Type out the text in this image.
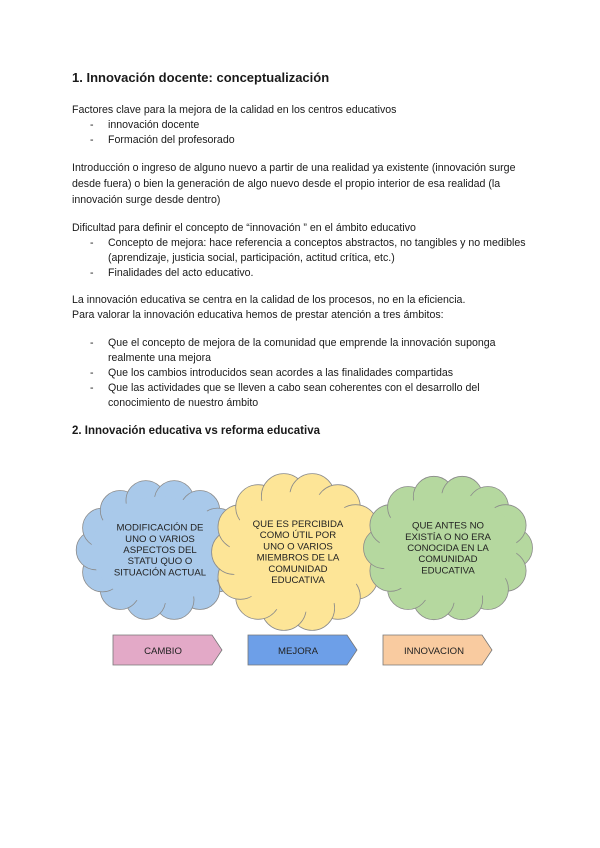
1. Innovación docente: conceptualización
Factores clave para la mejora de la calidad en los centros educativos
- innovación docente
- Formación del profesorado
Introducción o ingreso de alguno nuevo a partir de una realidad ya existente (innovación surge desde fuera) o bien la generación de algo nuevo desde el propio interior de esa realidad (la innovación surge desde dentro)
Dificultad para definir el concepto de “innovación ” en el ámbito educativo
- Concepto de mejora: hace referencia a conceptos abstractos, no tangibles y no medibles (aprendizaje, justicia social, participación, actitud crítica, etc.)
- Finalidades del acto educativo.
La innovación educativa se centra en la calidad de los procesos, no en la eficiencia.
Para valorar la innovación educativa hemos de prestar atención a tres ámbitos:
- Que el concepto de mejora de la comunidad que emprende la innovación suponga realmente una mejora
- Que los cambios introducidos sean acordes a las finalidades compartidas
- Que las actividades que se lleven a cabo sean coherentes con el desarrollo del conocimiento de nuestro ámbito
2. Innovación educativa vs reforma educativa
MODIFICACIÓN DE UNO O VARIOS ASPECTOS DEL STATU QUO O SITUACIÓN ACTUAL
QUE ES PERCIBIDA COMO ÚTIL POR UNO O VARIOS MIEMBROS DE LA COMUNIDAD EDUCATIVA
QUE ANTES NO EXISTÍA O NO ERA CONOCIDA EN LA COMUNIDAD EDUCATIVA
CAMBIO	MEJORA	INNOVACION
